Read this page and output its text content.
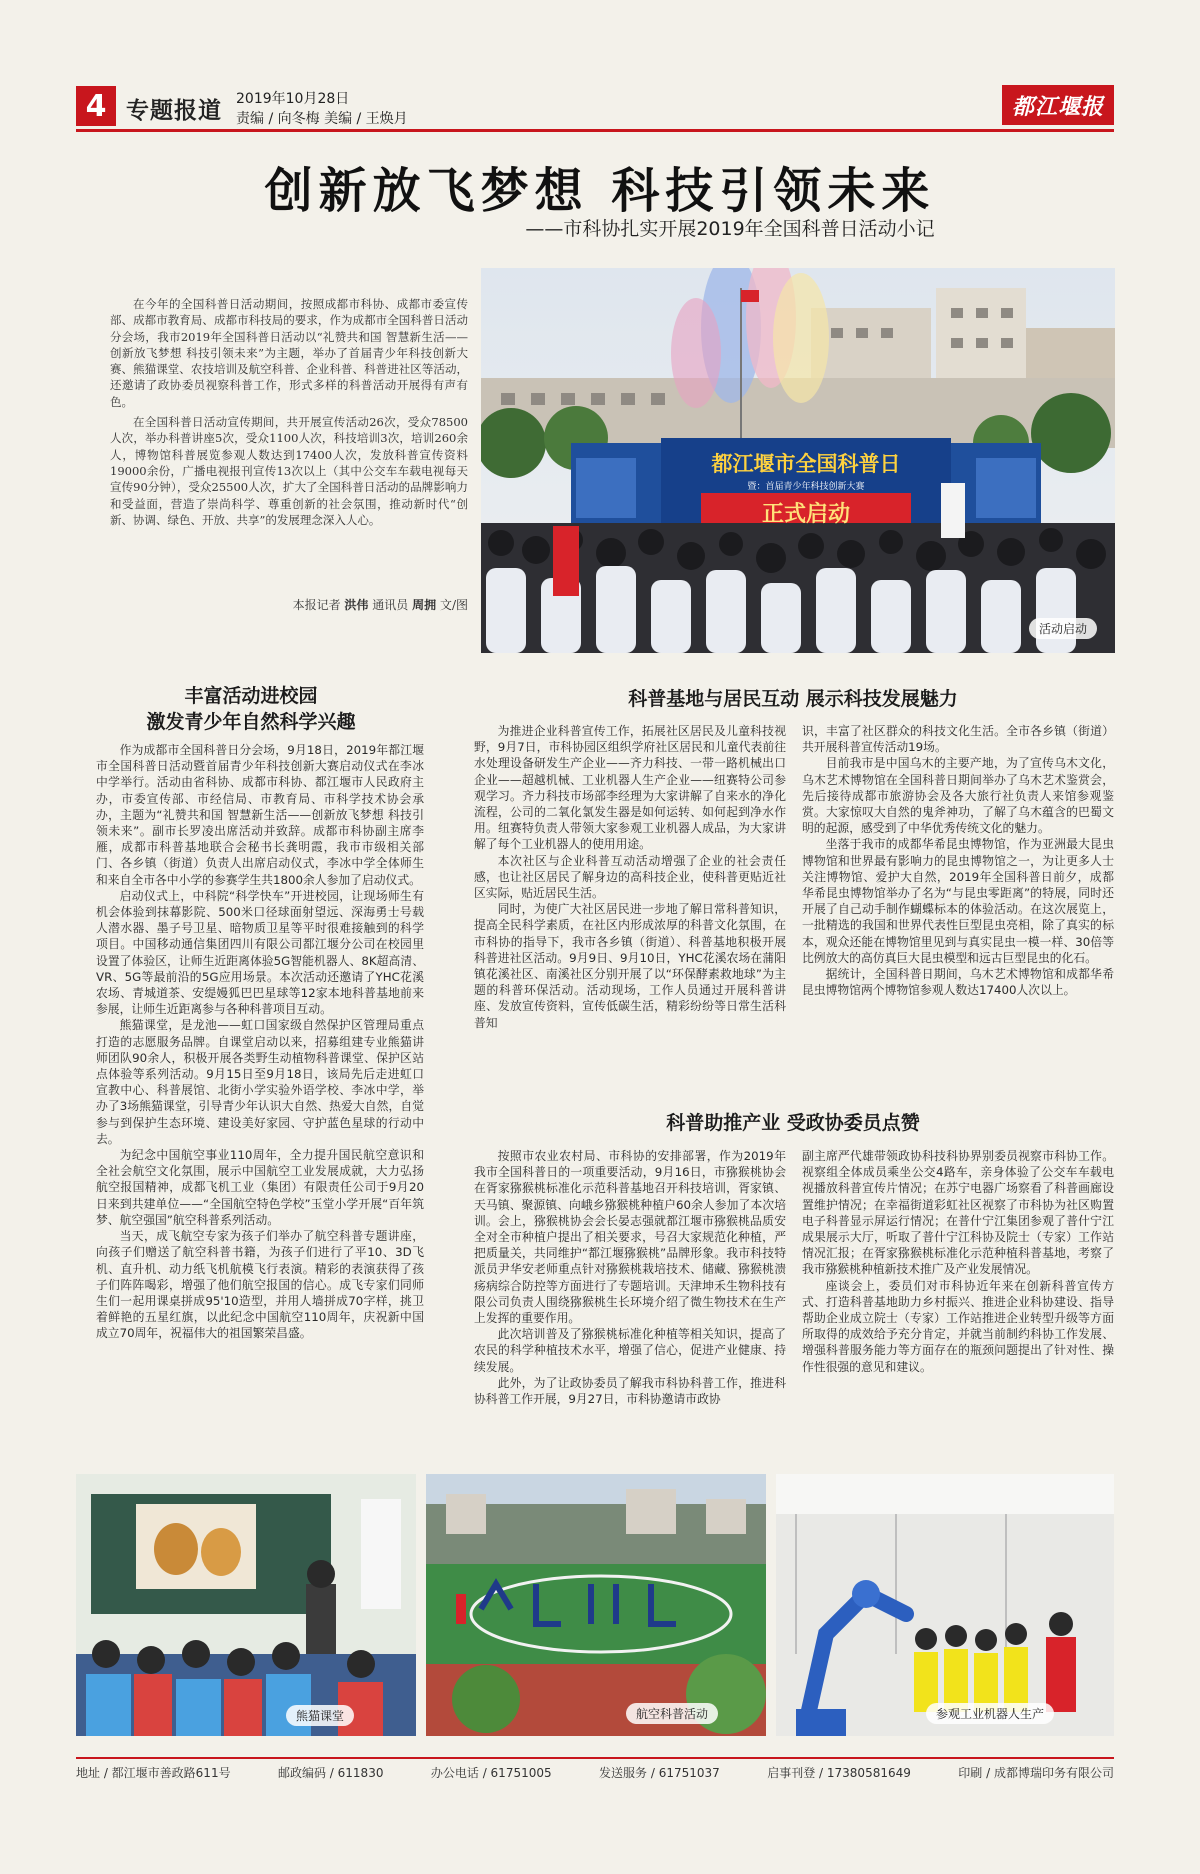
4 专题报道 2019年10月28日
责编 / 向冬梅 美编 / 王焕月	都江堰报
创新放飞梦想 科技引领未来
——市科协扎实开展2019年全国科普日活动小记

在今年的全国科普日活动期间，按照成都市科协、成都市委宣传部、成都市教育局、成都市科技局的要求，作为成都市全国科普日活动分会场，我市2019年全国科普日活动以“礼赞共和国 智慧新生活——创新放飞梦想 科技引领未来”为主题，举办了首届青少年科技创新大赛、熊猫课堂、农技培训及航空科普、企业科普、科普进社区等活动，还邀请了政协委员视察科普工作，形式多样的科普活动开展得有声有色。

在全国科普日活动宣传期间，共开展宣传活动26次，受众78500人次，举办科普讲座5次，受众1100人次，科技培训3次，培训260余人，博物馆科普展览参观人数达到17400人次，发放科普宣传资料19000余份，广播电视报刊宣传13次以上（其中公交车车载电视每天宣传90分钟），受众25500人次，扩大了全国科普日活动的品牌影响力和受益面，营造了崇尚科学、尊重创新的社会氛围，推动新时代“创新、协调、绿色、开放、共享”的发展理念深入人心。

本报记者 洪伟 通讯员 周拥 文/图
都江堰市全国科普日
暨：首届青少年科技创新大赛
正式启动
活动启动
丰富活动进校园
激发青少年自然科学兴趣

作为成都市全国科普日分会场，9月18日，2019年都江堰市全国科普日活动暨首届青少年科技创新大赛启动仪式在李冰中学举行。活动由省科协、成都市科协、都江堰市人民政府主办，市委宣传部、市经信局、市教育局、市科学技术协会承办，主题为“礼赞共和国 智慧新生活——创新放飞梦想 科技引领未来”。副市长罗凌出席活动并致辞。成都市科协副主席李雁，成都市科普基地联合会秘书长龚明霞，我市市级相关部门、各乡镇（街道）负责人出席启动仪式，李冰中学全体师生和来自全市各中小学的参赛学生共1800余人参加了启动仪式。

启动仪式上，中科院“科学快车”开进校园，让现场师生有机会体验到抹幕影院、500米口径球面射望远、深海勇士号载人潜水器、墨子号卫星、暗物质卫星等平时很难接触到的科学项目。中国移动通信集团四川有限公司都江堰分公司在校园里设置了体验区，让师生近距离体验5G智能机器人、8K超高清、VR、5G等最前沿的5G应用场景。本次活动还邀请了YHC花溪农场、青城道茶、安缇嫚狐巴巴星球等12家本地科普基地前来参展，让师生近距离参与各种科普项目互动。

熊猫课堂，是龙池——虹口国家级自然保护区管理局重点打造的志愿服务品牌。自课堂启动以来，招募组建专业熊猫讲师团队90余人，积极开展各类野生动植物科普课堂、保护区站点体验等系列活动。9月15日至9月18日，该局先后走进虹口宣教中心、科普展馆、北街小学实验外语学校、李冰中学，举办了3场熊猫课堂，引导青少年认识大自然、热爱大自然，自觉参与到保护生态环境、建设美好家园、守护蓝色星球的行动中去。

为纪念中国航空事业110周年，全力提升国民航空意识和全社会航空文化氛围，展示中国航空工业发展成就，大力弘扬航空报国精神，成都飞机工业（集团）有限责任公司于9月20日来到共建单位——“全国航空特色学校”玉堂小学开展“百年筑梦、航空强国”航空科普系列活动。

当天，成飞航空专家为孩子们举办了航空科普专题讲座，向孩子们赠送了航空科普书籍，为孩子们进行了平10、3D飞机、直升机、动力纸飞机航模飞行表演。精彩的表演获得了孩子们阵阵喝彩，增强了他们航空报国的信心。成飞专家们同师生们一起用课桌拼成95'10造型，并用人墙拼成70字样，挑卫着鲜艳的五星红旗，以此纪念中国航空110周年，庆祝新中国成立70周年，祝福伟大的祖国繁荣昌盛。

科普基地与居民互动 展示科技发展魅力

为推进企业科普宣传工作，拓展社区居民及儿童科技视野，9月7日，市科协园区组织学府社区居民和儿童代表前往水处理设备研发生产企业——齐力科技、一带一路机械出口企业——超越机械、工业机器人生产企业——纽赛特公司参观学习。齐力科技市场部李经理为大家讲解了自来水的净化流程，公司的二氧化氯发生器是如何运转、如何起到净水作用。纽赛特负责人带领大家参观工业机器人成品，为大家讲解了每个工业机器人的使用用途。

本次社区与企业科普互动活动增强了企业的社会责任感，也让社区居民了解身边的高科技企业，使科普更贴近社区实际，贴近居民生活。

同时，为使广大社区居民进一步地了解日常科普知识，提高全民科学素质，在社区内形成浓厚的科普文化氛围，在市科协的指导下，我市各乡镇（街道）、科普基地积极开展科普进社区活动。9月9日、9月10日，YHC花溪农场在蒲阳镇花溪社区、南溪社区分别开展了以“环保酵素救地球”为主题的科普环保活动。活动现场，工作人员通过开展科普讲座、发放宣传资料，宣传低碳生活，精彩纷纷等日常生活科普知

识，丰富了社区群众的科技文化生活。全市各乡镇（街道）共开展科普宣传活动19场。

目前我市是中国乌木的主要产地，为了宣传乌木文化，乌木艺术博物馆在全国科普日期间举办了乌木艺术鉴赏会，先后接待成都市旅游协会及各大旅行社负责人来馆参观鉴赏。大家惊叹大自然的鬼斧神功，了解了乌木蕴含的巴蜀文明的起源，感受到了中华优秀传统文化的魅力。

坐落于我市的成都华希昆虫博物馆，作为亚洲最大昆虫博物馆和世界最有影响力的昆虫博物馆之一，为让更多人士关注博物馆、爱护大自然，2019年全国科普日前夕，成都华希昆虫博物馆举办了名为“与昆虫零距离”的特展，同时还开展了自己动手制作蝴蝶标本的体验活动。在这次展览上，一批精选的我国和世界代表性巨型昆虫亮相，除了真实的标本，观众还能在博物馆里见到与真实昆虫一模一样、30倍等比例放大的高仿真巨大昆虫模型和远古巨型昆虫的化石。

据统计，全国科普日期间，乌木艺术博物馆和成都华希昆虫博物馆两个博物馆参观人数达17400人次以上。

科普助推产业 受政协委员点赞

按照市农业农村局、市科协的安排部署，作为2019年我市全国科普日的一项重要活动，9月16日，市猕猴桃协会在胥家猕猴桃标准化示范科普基地召开科技培训，胥家镇、天马镇、聚源镇、向峨乡猕猴桃种植户60余人参加了本次培训。会上，猕猴桃协会会长晏志强就都江堰市猕猴桃品质安全对全市种植户提出了相关要求，号召大家规范化种植，严把质量关，共同维护“都江堰猕猴桃”品牌形象。我市科技特派员尹华安老师重点针对猕猴桃栽培技术、储藏、猕猴桃溃疡病综合防控等方面进行了专题培训。天津坤禾生物科技有限公司负责人围绕猕猴桃生长环境介绍了微生物技术在生产上发挥的重要作用。

此次培训普及了猕猴桃标准化种植等相关知识，提高了农民的科学种植技术水平，增强了信心，促进产业健康、持续发展。

此外，为了让政协委员了解我市科协科普工作，推进科协科普工作开展，9月27日，市科协邀请市政协

副主席严代雄带领政协科技科协界别委员视察市科协工作。视察组全体成员乘坐公交4路车，亲身体验了公交车车载电视播放科普宣传片情况；在苏宁电器广场察看了科普画廊设置维护情况；在幸福街道彩虹社区视察了市科协为社区购置电子科普显示屏运行情况；在普什宁江集团参观了普什宁江成果展示大厅，听取了普什宁江科协及院士（专家）工作站情况汇报；在胥家猕猴桃标准化示范种植科普基地，考察了我市猕猴桃种植新技术推广及产业发展情况。

座谈会上，委员们对市科协近年来在创新科普宣传方式、打造科普基地助力乡村振兴、推进企业科协建设、指导帮助企业成立院士（专家）工作站推进企业转型升级等方面所取得的成效给予充分肯定，并就当前制约科协工作发展、增强科普服务能力等方面存在的瓶颈问题提出了针对性、操作性很强的意见和建议。

熊猫课堂	航空科普活动	参观工业机器人生产
地址 / 都江堰市善政路611号	邮政编码 / 611830	办公电话 / 61751005	发送服务 / 61751037	启事刊登 / 17380581649	印刷 / 成都博瑞印务有限公司
